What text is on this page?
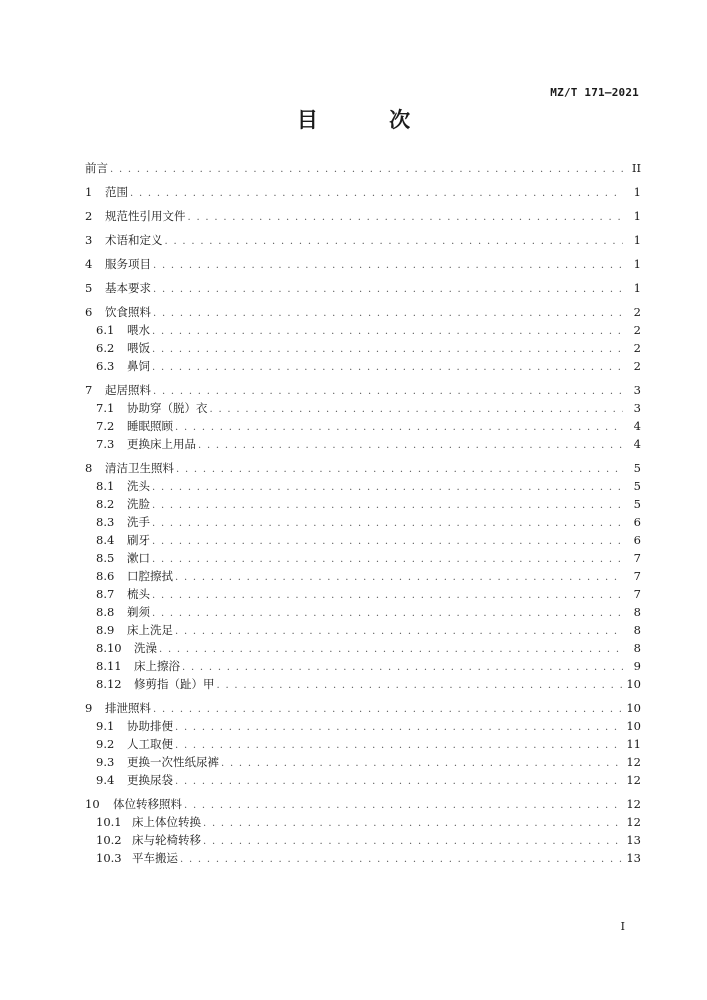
MZ/T 171—2021
目 次
前言 . . .	II
1	范围 . . .	1
2	规范性引用文件 . . .	1
3	术语和定义 . . .	1
4	服务项目 . . .	1
5	基本要求 . . .	1
6	饮食照料 . . .	2
6.1	喂水 . . .	2
6.2	喂饭 . . .	2
6.3	鼻饲 . . .	2
7	起居照料 . . .	3
7.1	协助穿（脱）衣 . . .	3
7.2	睡眠照顾 . . .	4
7.3	更换床上用品 . . .	4
8	清洁卫生照料 . . .	5
8.1	洗头 . . .	5
8.2	洗脸 . . .	5
8.3	洗手 . . .	6
8.4	刷牙 . . .	6
8.5	漱口 . . .	7
8.6	口腔擦拭 . . .	7
8.7	梳头 . . .	7
8.8	剃须 . . .	8
8.9	床上洗足 . . .	8
8.10	洗澡 . . .	8
8.11	床上擦浴 . . .	9
8.12	修剪指（趾）甲 . . .	10
9	排泄照料 . . .	10
9.1	协助排便 . . .	10
9.2	人工取便 . . .	11
9.3	更换一次性纸尿裤 . . .	12
9.4	更换尿袋 . . .	12
10	体位转移照料 . . .	12
10.1 床上体位转换 . . .	12
10.2 床与轮椅转移 . . .	13
10.3 平车搬运 . . .	13
I
